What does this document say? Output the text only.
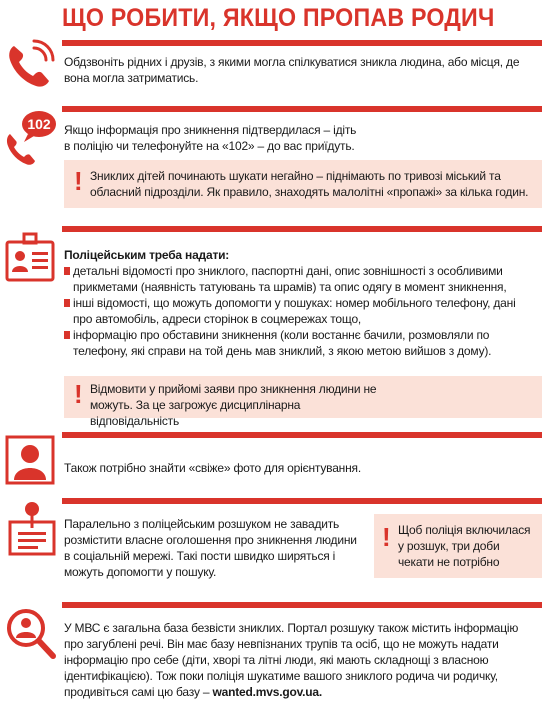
ЩО РОБИТИ, ЯКЩО ПРОПАВ РОДИЧ
Обдзвоніть рідних і друзів, з якими могла спілкуватися зникла людина, або місця, де вона могла затриматись.
102 Якщо інформація про зникнення підтвердилася – ідіть в поліцію чи телефонуйте на «102» – до вас приїдуть.
! Зниклих дітей починають шукати негайно – піднімають по тривозі міський та обласний підрозділи. Як правило, знаходять малолітні «пропажі» за кілька годин.
Поліцейським треба надати:
детальні відомості про зниклого, паспортні дані, опис зовнішності з особливими прикметами (наявність татуювань та шрамів) та опис одягу в момент зникнення,
інші відомості, що можуть допомогти у пошуках: номер мобільного телефону, дані про автомобіль, адреси сторінок в соцмережах тощо,
інформацію про обставини зникнення (коли востаннє бачили, розмовляли по телефону, які справи на той день мав зниклий, з якою метою вийшов з дому).
! Відмовити у прийомі заяви про зникнення людини не можуть. За це загрожує дисциплінарна відповідальність
Також потрібно знайти «свіже» фото для орієнтування.
Паралельно з поліцейським розшуком не завадить розмістити власне оголошення про зникнення людини в соціальній мережі. Такі пости швидко ширяться і можуть допомогти у пошуку.
! Щоб поліція включилася у розшук, три доби чекати не потрібно
У МВС є загальна база безвісти зниклих. Портал розшуку також містить інформацію про загублені речі. Він має базу невпізнаних трупів та осіб, що не можуть надати інформацію про себе (діти, хворі та літні люди, які мають складнощі з власною ідентифікацією). Тож поки поліція шукатиме вашого зниклого родича чи родичку, продивіться самі цю базу – wanted.mvs.gov.ua.
